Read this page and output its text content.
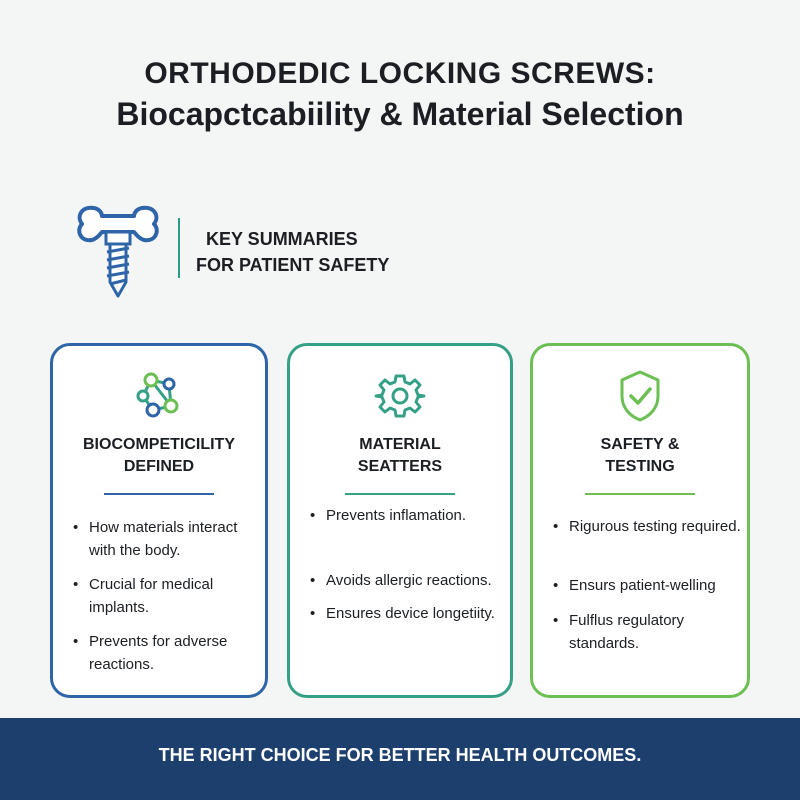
ORTHODEDIC LOCKING SCREWS:
Biocapctcabiility & Material Selection
KEY SUMMARIES
FOR PATIENT SAFETY
BIOCOMPETICILITY
DEFINED
• How materials interact with the body.
• Crucial for medical implants.
• Prevents for adverse reactions.
MATERIAL
SEATTERS
• Prevents inflamation.
• Avoids allergic reactions.
• Ensures device longetiity.
SAFETY &
TESTING
• Rigurous testing required.
• Ensurs patient-welling
• Fulflus regulatory standards.
THE RIGHT CHOICE FOR BETTER HEALTH OUTCOMES.
